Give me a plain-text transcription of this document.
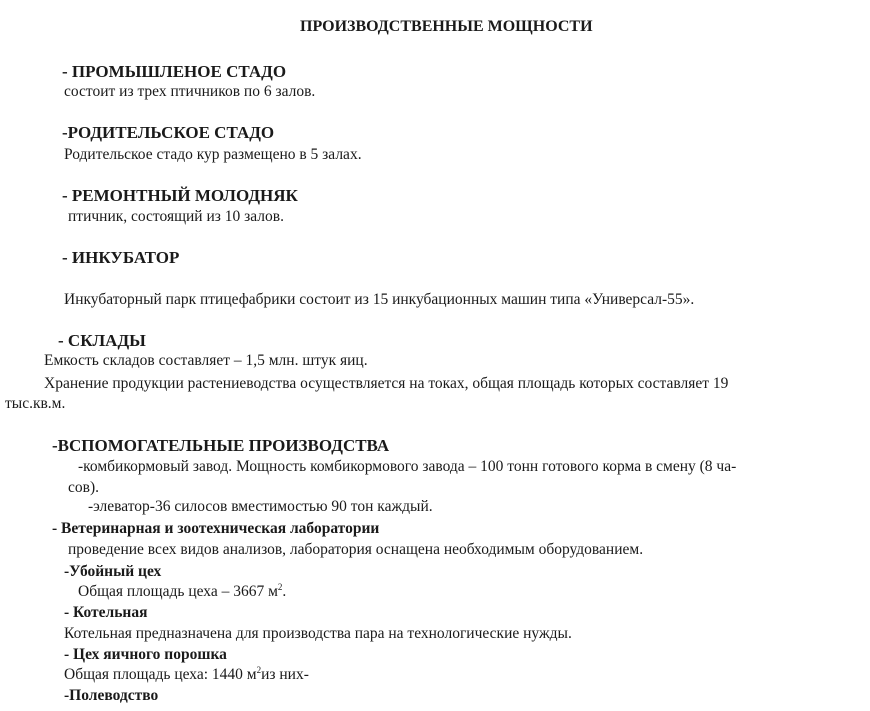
ПРОИЗВОДСТВЕННЫЕ МОЩНОСТИ
- ПРОМЫШЛЕНОЕ СТАДО
состоит из трех птичников по 6 залов.
-РОДИТЕЛЬСКОЕ СТАДО
Родительское стадо кур размещено в 5 залах.
- РЕМОНТНЫЙ МОЛОДНЯК
птичник, состоящий из 10 залов.
- ИНКУБАТОР
Инкубаторный парк птицефабрики состоит из 15 инкубационных машин типа «Универсал-55».
- СКЛАДЫ
Емкость складов составляет – 1,5 млн. штук яиц.
Хранение продукции растениеводства осуществляется на токах, общая площадь которых составляет 19
тыс.кв.м.
-ВСПОМОГАТЕЛЬНЫЕ ПРОИЗВОДСТВА
-комбикормовый завод. Мощность комбикормового завода – 100 тонн готового корма в смену (8 ча-
сов).
-элеватор-36 силосов вместимостью 90 тон каждый.
- Ветеринарная и зоотехническая лаборатории
проведение всех видов анализов, лаборатория оснащена необходимым оборудованием.
-Убойный цех
Общая площадь цеха – 3667 $м^2$.
- Котельная
Котельная предназначена для производства пара на технологические нужды.
- Цех яичного порошка
Общая площадь цеха: 1440 $м^2из$ них-
-Полеводство
